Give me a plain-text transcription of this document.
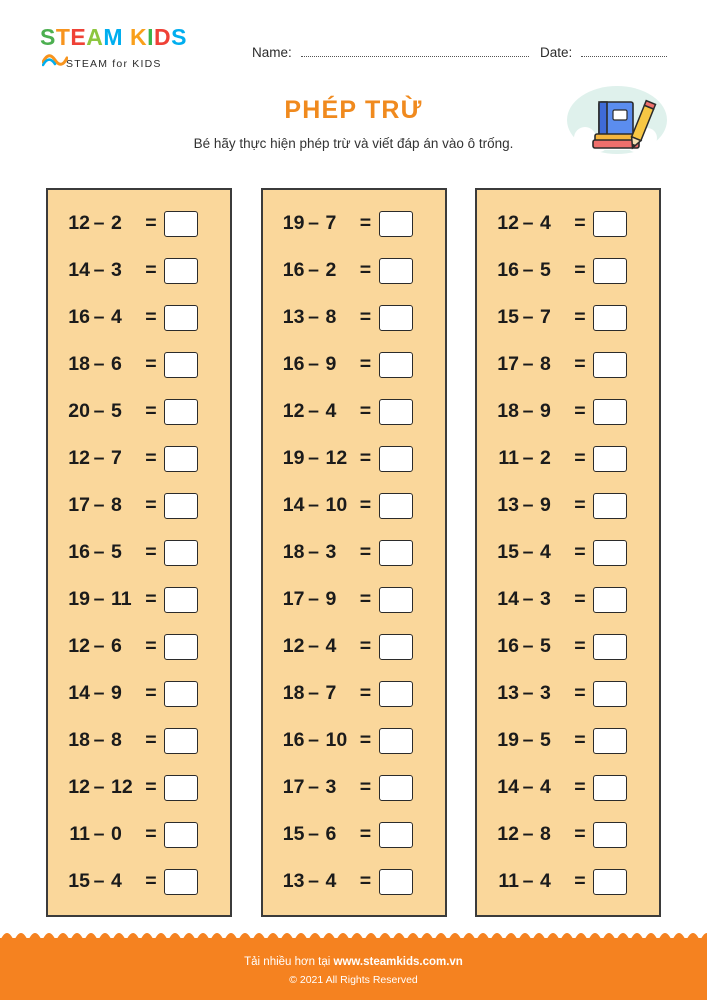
STEAM KIDS
STEAM for KIDS
Name:	Date:
PHÉP TRỪ
Bé hãy thực hiện phép trừ và viết đáp án vào ô trống.
12 – 2	=
14 – 3	=
16 – 4	=
18 – 6	=
20 – 5	=
12 – 7	=
17 – 8	=
16 – 5	=
19 – 11 =
12 – 6	=
14 – 9	=
18 – 8	=
12 – 12 =
11 – 0	=
15 – 4	=
19 – 7	=
16 – 2	=
13 – 8	=
16 – 9	=
12 – 4	=
19 – 12 =
14 – 10 =
18 – 3	=
17 – 9	=
12 – 4	=
18 – 7	=
16 – 10 =
17 – 3	=
15 – 6	=
13 – 4	=
12 – 4	=
16 – 5	=
15 – 7	=
17 – 8	=
18 – 9	=
11 – 2	=
13 – 9	=
15 – 4	=
14 – 3	=
16 – 5	=
13 – 3	=
19 – 5	=
14 – 4	=
12 – 8	=
11 – 4	=
Tải nhiều hơn tại www.steamkids.com.vn
© 2021 All Rights Reserved
